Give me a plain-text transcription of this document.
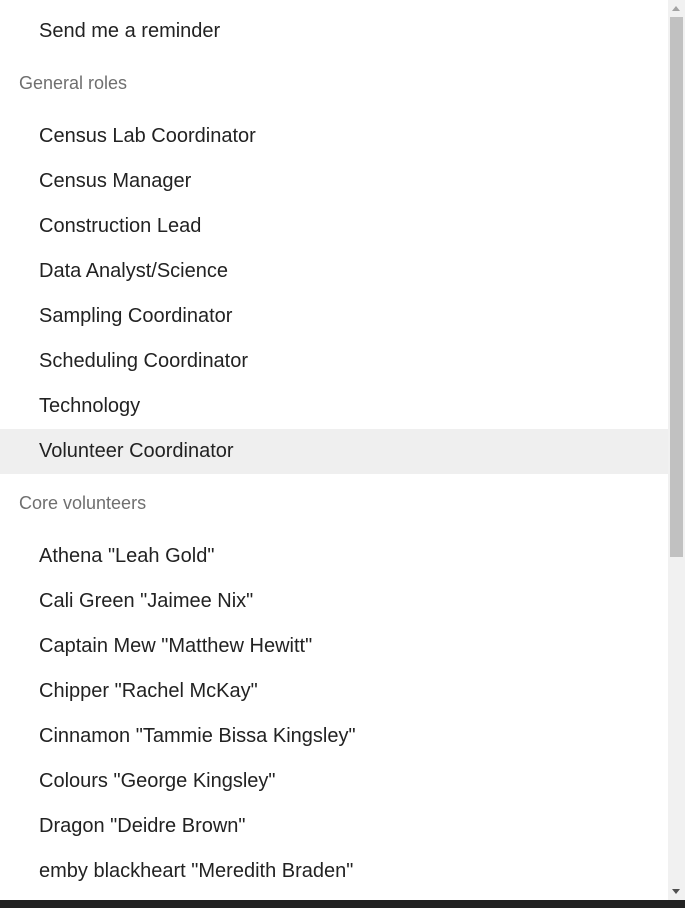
Send me a reminder
General roles
Census Lab Coordinator
Census Manager
Construction Lead
Data Analyst/Science
Sampling Coordinator
Scheduling Coordinator
Technology
Volunteer Coordinator
Core volunteers
Athena "Leah Gold"
Cali Green "Jaimee Nix"
Captain Mew "Matthew Hewitt"
Chipper "Rachel McKay"
Cinnamon "Tammie Bissa Kingsley"
Colours "George Kingsley"
Dragon "Deidre Brown"
emby blackheart "Meredith Braden"
